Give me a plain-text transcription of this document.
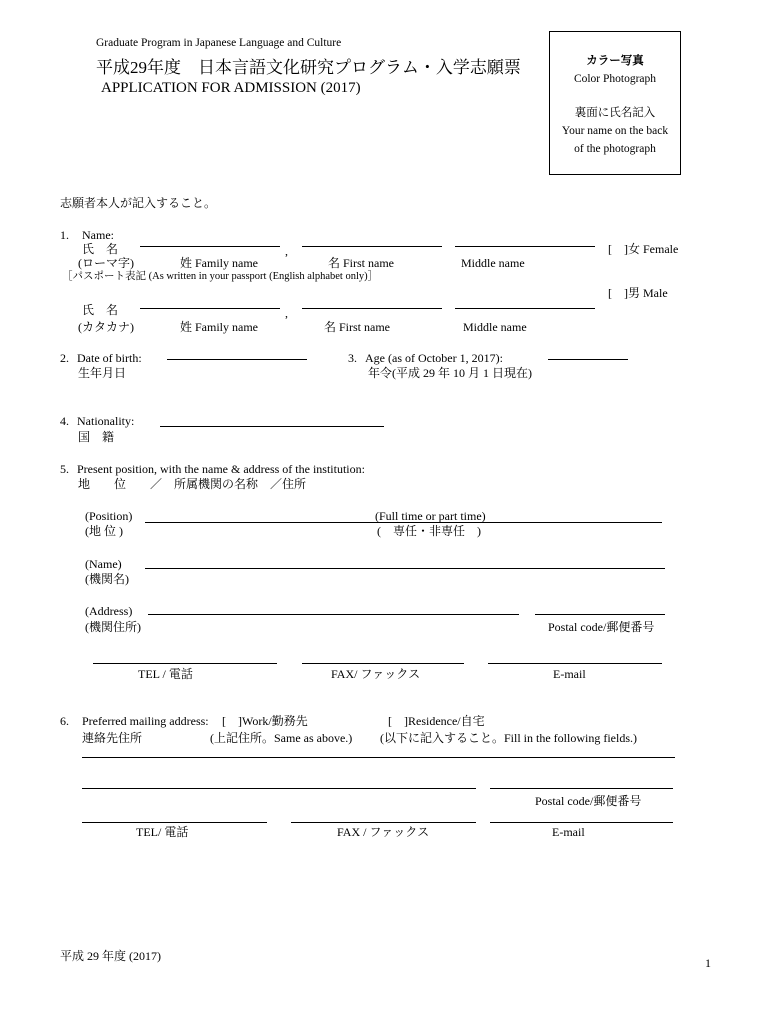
Graduate Program in Japanese Language and Culture
平成29年度　日本言語文化研究プログラム・入学志願票
APPLICATION FOR ADMISSION (2017)
カラー写真
Color Photograph
裏面に氏名記入
Your name on the back
of the photograph
志願者本人が記入すること。
1. Name:
氏　名	,	[　]女 Female
(ローマ字)	姓 Family name	名 First name	Middle name
［パスポート表記 (As written in your passport (English alphabet only)］
[　]男 Male
氏　名	,
(カタカナ)	姓 Family name	名 First name	Middle name
2. Date of birth:
生年月日
3. Age (as of October 1, 2017):
年令(平成 29 年 10 月 1 日現在)
4. Nationality:
国　籍
5. Present position, with the name & address of the institution:
地　　位　　／　所属機関の名称　／住所
(Position)	(Full time or part time)
(地 位 )	(　専任・非専任　)
(Name)
(機関名)
(Address)
(機関住所)	Postal code/郵便番号
TEL / 電話	FAX/ ファックス	E-mail
6. Preferred mailing address: [　]Work/勤務先	[　]Residence/自宅
連絡先住所	(上記住所。Same as above.) (以下に記入すること。Fill in the following fields.)
Postal code/郵便番号
TEL/ 電話	FAX / ファックス	E-mail
平成 29 年度 (2017)	1
